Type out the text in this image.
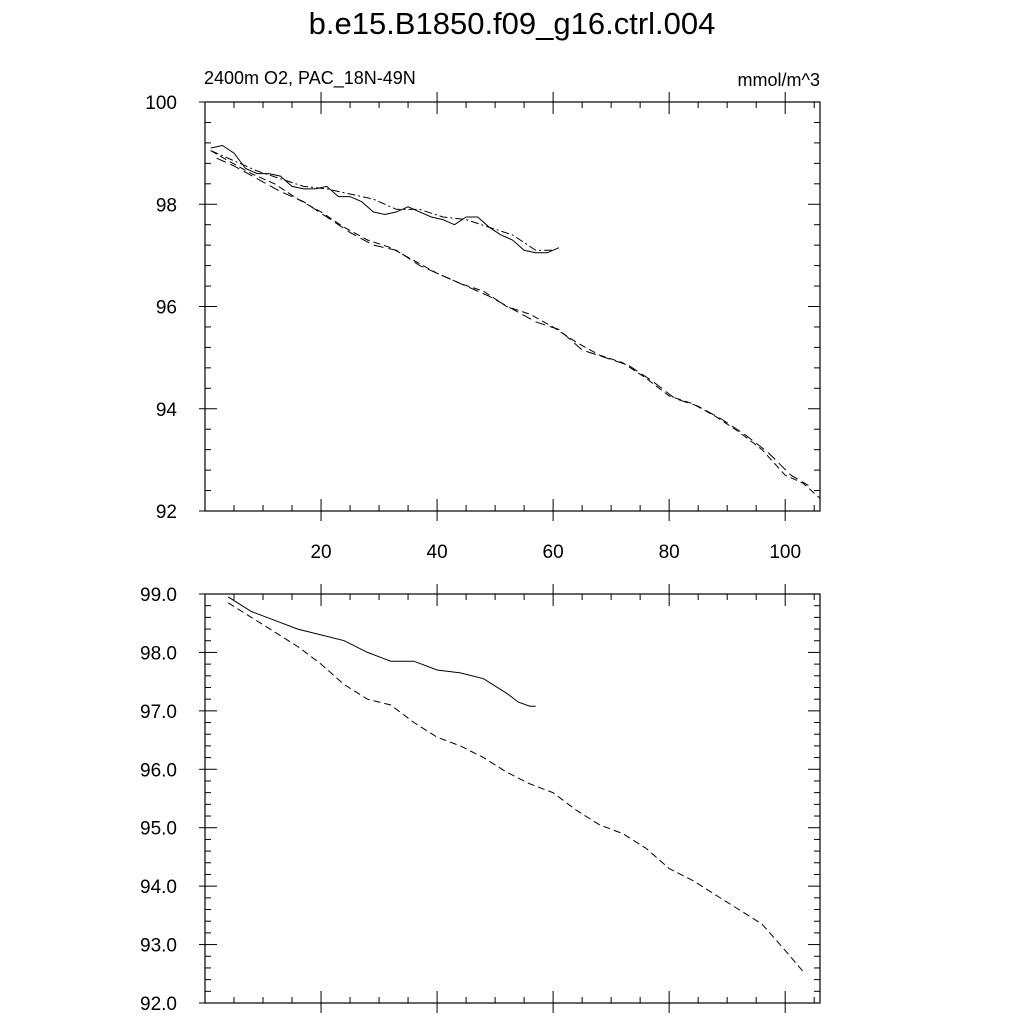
b.e15.B1850.f09_g16.ctrl.004
2400m O2, PAC_18N-49N	mmol/m^3
92
94
96
98
100
20	40	60	80	100
92.0
93.0
94.0
95.0
96.0
97.0
98.0
99.0
